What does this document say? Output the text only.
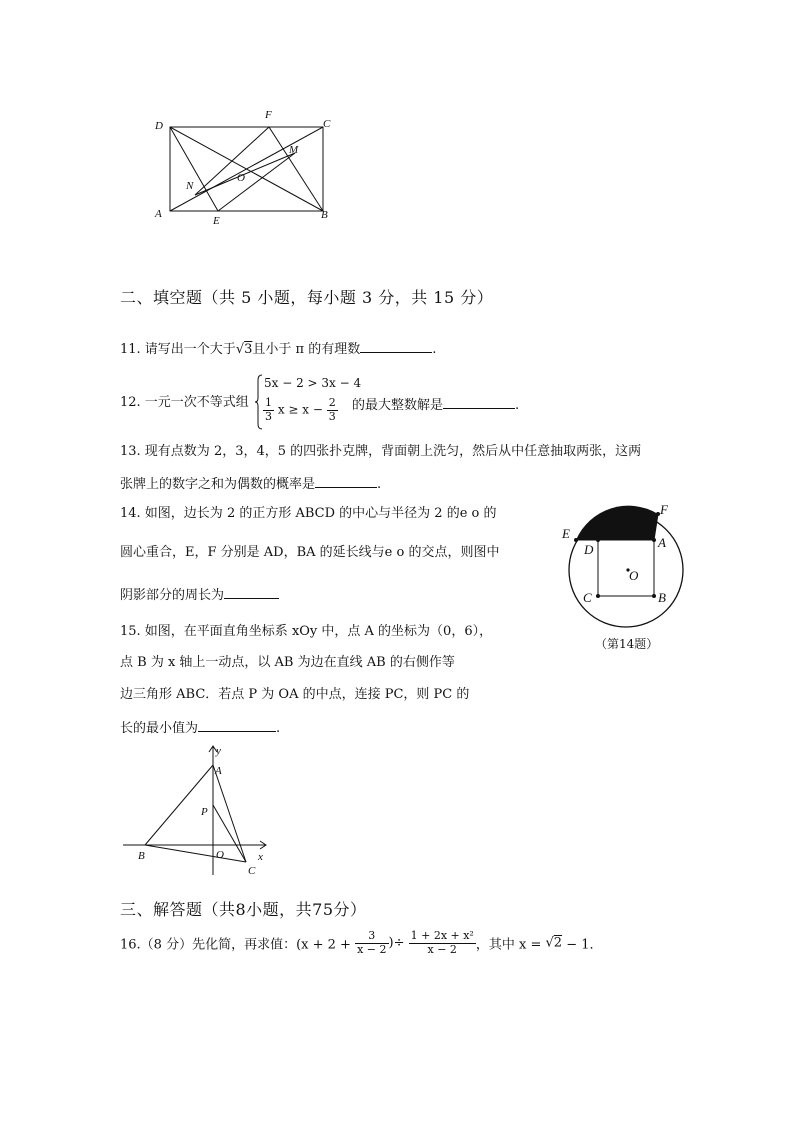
D
F
C
M
O
N
A
E	B
二、填空题（共 5 小题，每小题 3 分，共 15 分）
11. 请写出一个大于√3且小于 π 的有理数	.
12. 一元一次不等式组
5x − 2 > 3x − 4
$\frac{1}{3}$ $x \ge x - \frac{2}{3}$ 的最大整数解是	.
13. 现有点数为 2，3，4，5 的四张扑克牌，背面朝上洗匀，然后从中任意抽取两张，这两
张牌上的数字之和为偶数的概率是	.
14. 如图，边长为 2 的正方形 ABCD 的中心与半径为 2 的e o 的
圆心重合，E，F 分别是 AD，BA 的延长线与e o 的交点，则图中
阴影部分的周长为
E
F
D	A
O
C	B
（第14题）
15. 如图，在平面直角坐标系 xOy 中，点 A 的坐标为（0，6），
点 B 为 x 轴上一动点，以 AB 为边在直线 AB 的右侧作等
边三角形 ABC．若点 P 为 OA 的中点，连接 PC，则 PC 的
长的最小值为	.
y
A
P
B	O	x
C
三、解答题（共8小题，共75分）
16.（8 分）先化简，再求值：($x + 2 + \frac{3}{x - 2}$ )÷ $\frac{\text{1 + 2x + x²}}{x - 2}$ ，其中 x = √2 − 1．
